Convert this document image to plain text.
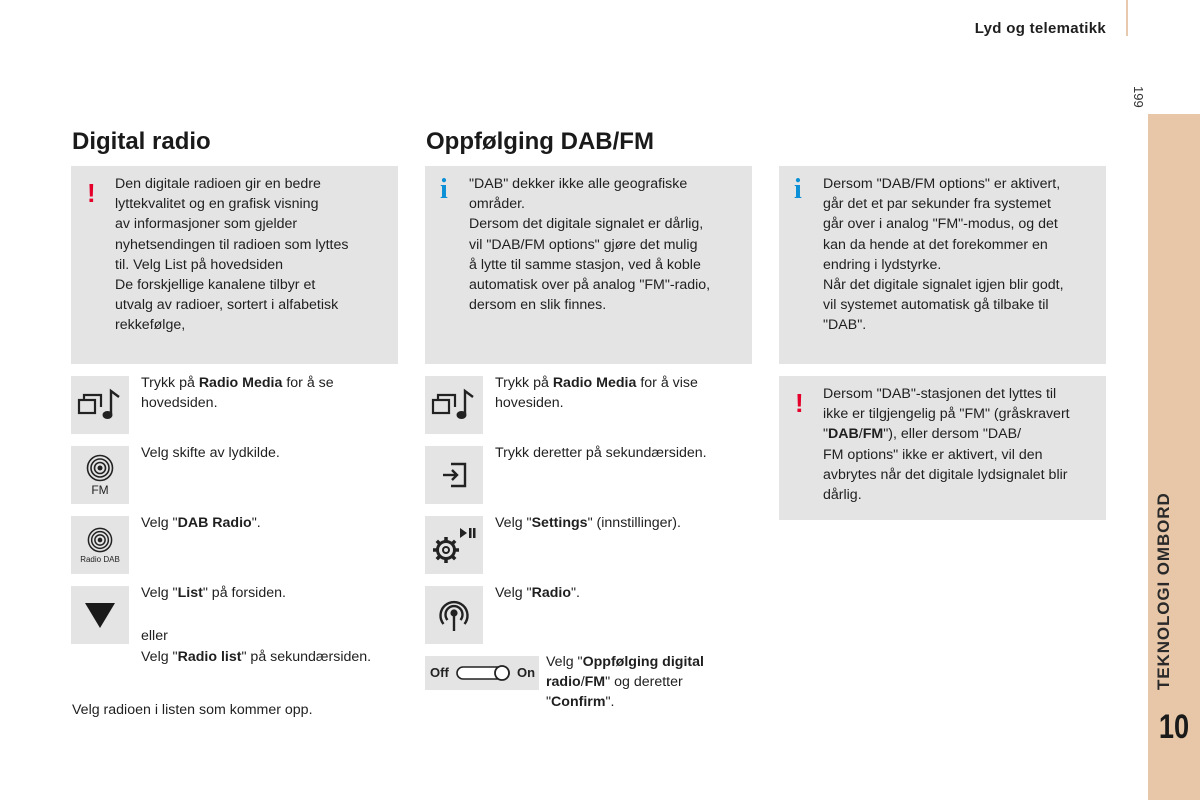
Lyd og telematikk
199
TEKNOLOGI OMBORD
10
Digital radio
! Den digitale radioen gir en bedre
lyttekvalitet og en grafisk visning
av informasjoner som gjelder
nyhetsendingen til radioen som lyttes
til. Velg List på hovedsiden
De forskjellige kanalene tilbyr et
utvalg av radioer, sortert i alfabetisk
rekkefølge,
Trykk på Radio Media for å se
hovedsiden.
FM
Velg skifte av lydkilde.
Radio DAB
Velg "DAB Radio".
Velg "List" på forsiden.
eller
Velg "Radio list" på sekundærsiden.
Velg radioen i listen som kommer opp.
Oppfølging DAB/FM
i "DAB" dekker ikke alle geografiske
områder.
Dersom det digitale signalet er dårlig,
vil "DAB/FM options" gjøre det mulig
å lytte til samme stasjon, ved å koble
automatisk over på analog "FM"-radio,
dersom en slik finnes.
Trykk på Radio Media for å vise
hovesiden.
Trykk deretter på sekundærsiden.
Velg "Settings" (innstillinger).
Velg "Radio".
Off	On
Velg "Oppfølging digital
radio/FM" og deretter
"Confirm".
i Dersom "DAB/FM options" er aktivert,
går det et par sekunder fra systemet
går over i analog "FM"-modus, og det
kan da hende at det forekommer en
endring i lydstyrke.
Når det digitale signalet igjen blir godt,
vil systemet automatisk gå tilbake til
"DAB".
! Dersom "DAB"-stasjonen det lyttes til
ikke er tilgjengelig på "FM" (gråskravert
"DAB/FM"), eller dersom "DAB/
FM options" ikke er aktivert, vil den
avbrytes når det digitale lydsignalet blir
dårlig.
